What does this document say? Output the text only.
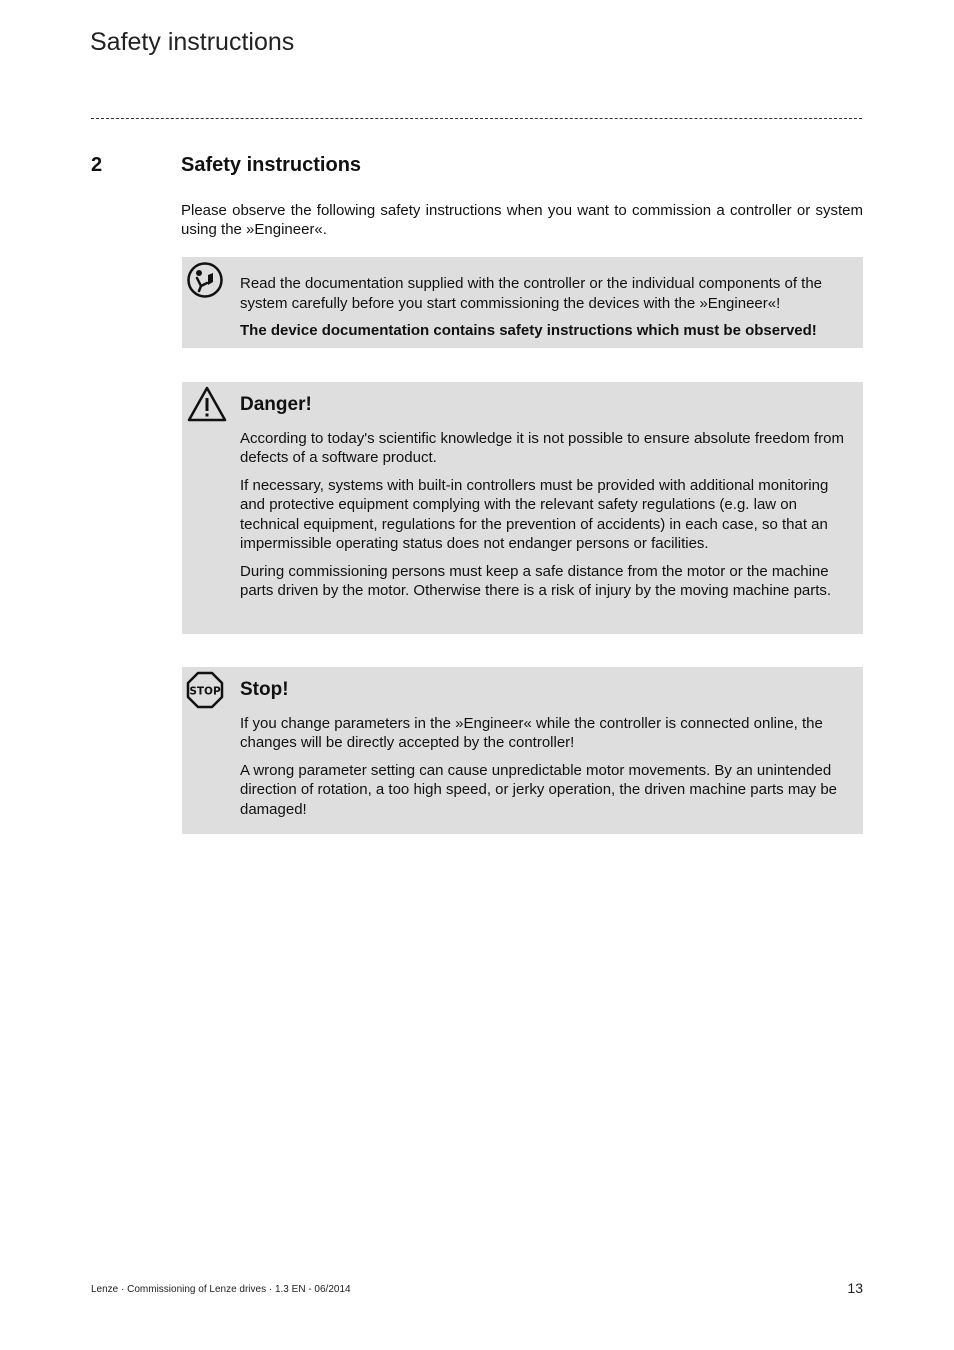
Safety instructions
2	Safety instructions
Please observe the following safety instructions when you want to commission a controller or system using the »Engineer«.

Read the documentation supplied with the controller or the individual components of the system carefully before you start commissioning the devices with the »Engineer«!

The device documentation contains safety instructions which must be observed!

Danger!

According to today's scientific knowledge it is not possible to ensure absolute freedom from defects of a software product.

If necessary, systems with built-in controllers must be provided with additional monitoring and protective equipment complying with the relevant safety regulations (e.g. law on technical equipment, regulations for the prevention of accidents) in each case, so that an impermissible operating status does not endanger persons or facilities.

During commissioning persons must keep a safe distance from the motor or the machine parts driven by the motor. Otherwise there is a risk of injury by the moving machine parts.

STOP Stop!

If you change parameters in the »Engineer« while the controller is connected online, the changes will be directly accepted by the controller!

A wrong parameter setting can cause unpredictable motor movements. By an unintended direction of rotation, a too high speed, or jerky operation, the driven machine parts may be damaged!

Lenze · Commissioning of Lenze drives · 1.3 EN - 06/2014	13
